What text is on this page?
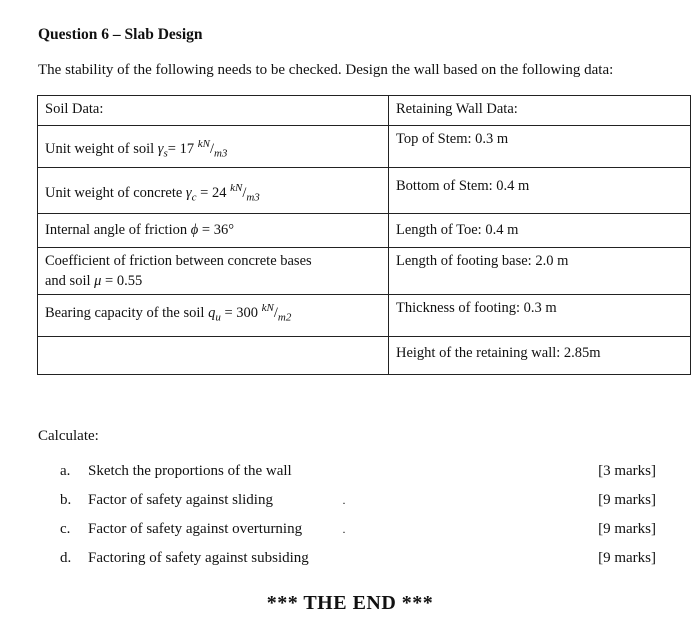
Question 6 – Slab Design
The stability of the following needs to be checked. Design the wall based on the following data:
Soil Data:	Retaining Wall Data:
Unit weight of soil $\gamma_s= 17$ $^{kN}/_{m3}$	Top of Stem: 0.3 m
Unit weight of concrete $\gamma_c = 24$ $^{kN}/_{m3}$	Bottom of Stem: 0.4 m
Internal angle of friction ϕ = 36°	Length of Toe: 0.4 m

Coefficient of friction between concrete bases
and soil μ = 0.55	Length of footing base: 2.0 m
Bearing capacity of the soil $q_u = 300$ $^{kN}/_{m2}$	Thickness of footing: 0.3 m
	Height of the retaining wall: 2.85m
Calculate:
a. Sketch the proportions of the wall	[3 marks]
b. Factor of safety against sliding	·	[9 marks]
c. Factor of safety against overturning	·	[9 marks]
d. Factoring of safety against subsiding	[9 marks]
*** THE END ***
